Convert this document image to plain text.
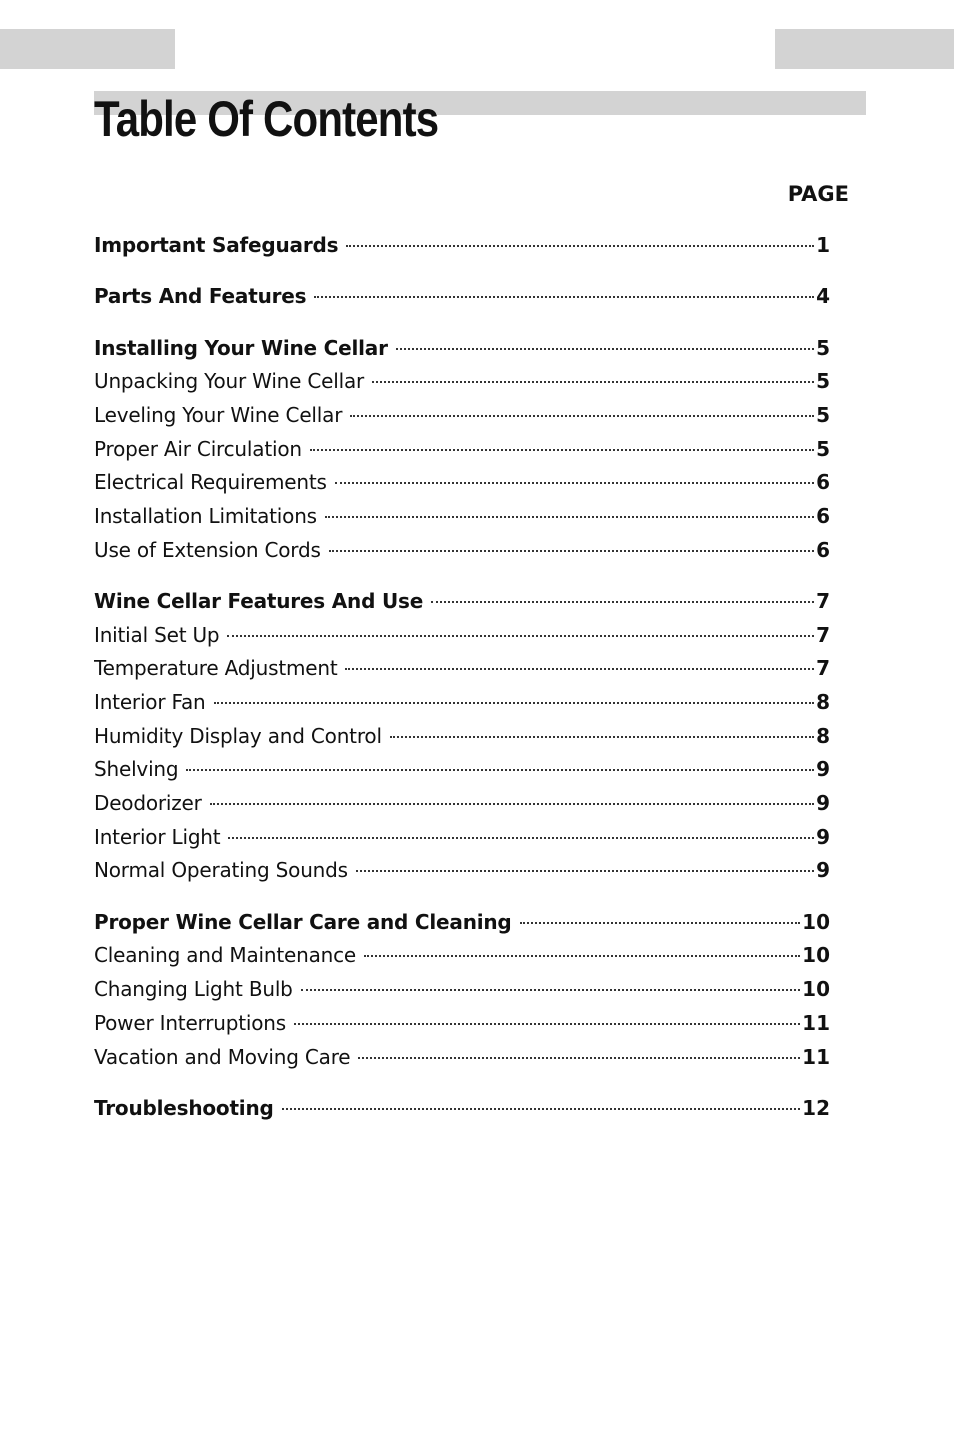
Table Of Contents
PAGE
Important Safeguards	1
Parts And Features	4
Installing Your Wine Cellar	5
Unpacking Your Wine Cellar	5
Leveling Your Wine Cellar	5
Proper Air Circulation	5
Electrical Requirements	6
Installation Limitations	6
Use of Extension Cords	6
Wine Cellar Features And Use	7
Initial Set Up	7
Temperature Adjustment	7
Interior Fan	8
Humidity Display and Control	8
Shelving	9
Deodorizer	9
Interior Light	9
Normal Operating Sounds	9
Proper Wine Cellar Care and Cleaning	10
Cleaning and Maintenance	10
Changing Light Bulb	10
Power Interruptions	11
Vacation and Moving Care	11
Troubleshooting	12
